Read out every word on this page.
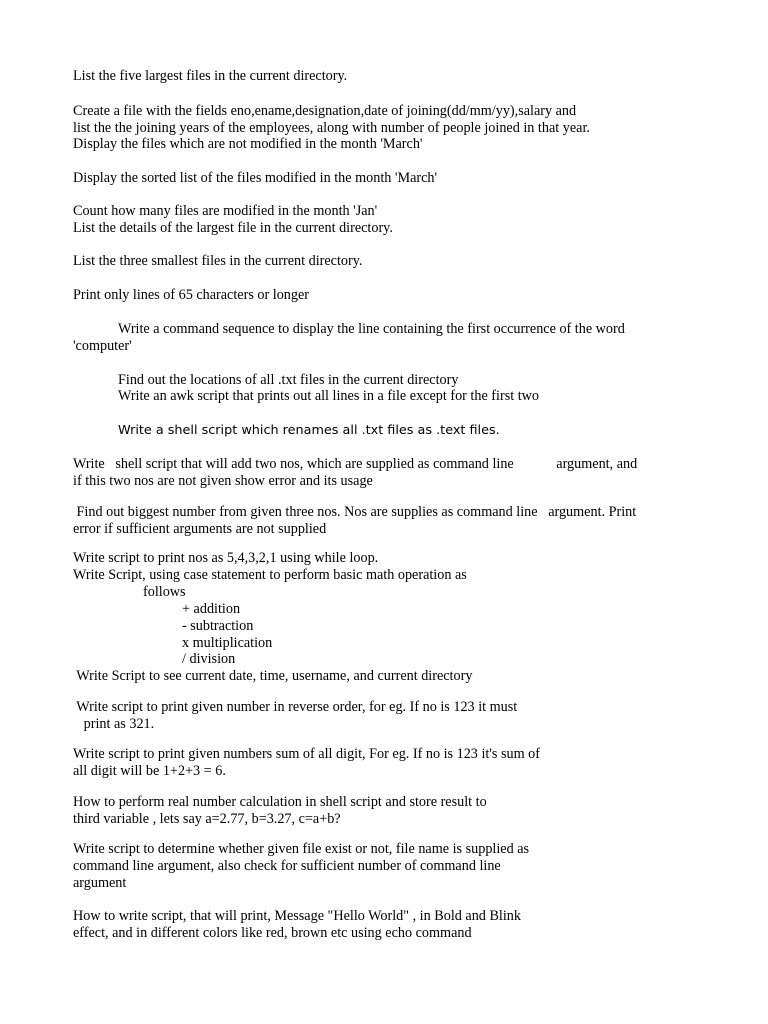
List the five largest files in the current directory.
Create a file with the fields eno,ename,designation,date of joining(dd/mm/yy),salary and
list the the joining years of the employees, along with number of people joined in that year.
Display the files which are not modified in the month 'March'
Display the sorted list of the files modified in the month 'March'
Count how many files are modified in the month 'Jan'
List the details of the largest file in the current directory.
List the three smallest files in the current directory.
Print only lines of 65 characters or longer
Write a command sequence to display the line containing the first occurrence of the word
'computer'
Find out the locations of all .txt files in the current directory
Write an awk script that prints out all lines in a file except for the first two
Write a shell script which renames all .txt files as .text files.
Write   shell script that will add two nos, which are supplied as command line            argument, and
if this two nos are not given show error and its usage
Find out biggest number from given three nos. Nos are supplies as command line   argument. Print
error if sufficient arguments are not supplied
Write script to print nos as 5,4,3,2,1 using while loop.
Write Script, using case statement to perform basic math operation as
follows
+ addition
- subtraction
x multiplication
/ division
Write Script to see current date, time, username, and current directory
Write script to print given number in reverse order, for eg. If no is 123 it must
print as 321.
Write script to print given numbers sum of all digit, For eg. If no is 123 it's sum of
all digit will be 1+2+3 = 6.
How to perform real number calculation in shell script and store result to
third variable , lets say a=2.77, b=3.27, c=a+b?
Write script to determine whether given file exist or not, file name is supplied as
command line argument, also check for sufficient number of command line
argument
How to write script, that will print, Message "Hello World" , in Bold and Blink
effect, and in different colors like red, brown etc using echo command
